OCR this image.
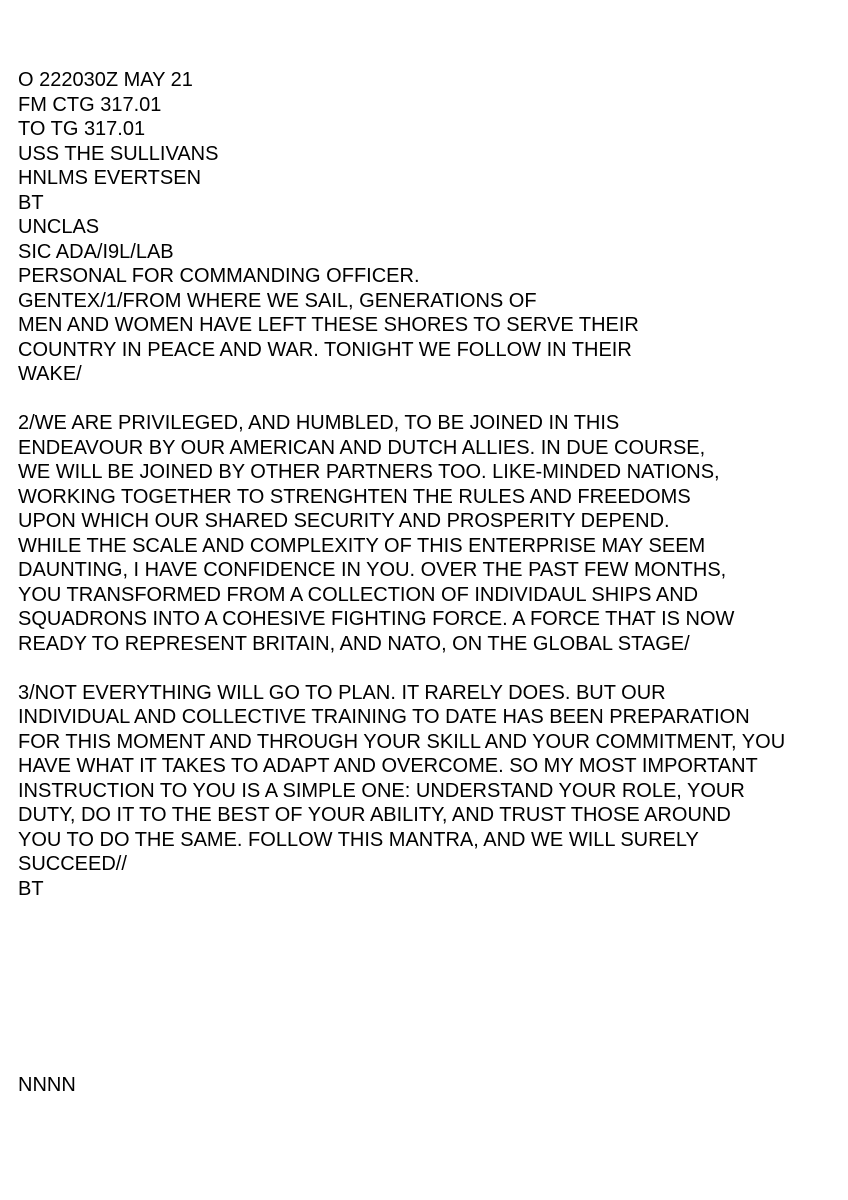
O 222030Z MAY 21
FM CTG 317.01
TO TG 317.01
USS THE SULLIVANS
HNLMS EVERTSEN
BT
UNCLAS
SIC ADA/I9L/LAB
PERSONAL FOR COMMANDING OFFICER.
GENTEX/1/FROM WHERE WE SAIL, GENERATIONS OF
MEN AND WOMEN HAVE LEFT THESE SHORES TO SERVE THEIR
COUNTRY IN PEACE AND WAR. TONIGHT WE FOLLOW IN THEIR
WAKE/
2/WE ARE PRIVILEGED, AND HUMBLED, TO BE JOINED IN THIS
ENDEAVOUR BY OUR AMERICAN AND DUTCH ALLIES. IN DUE COURSE,
WE WILL BE JOINED BY OTHER PARTNERS TOO. LIKE-MINDED NATIONS,
WORKING TOGETHER TO STRENGHTEN THE RULES AND FREEDOMS
UPON WHICH OUR SHARED SECURITY AND PROSPERITY DEPEND.
WHILE THE SCALE AND COMPLEXITY OF THIS ENTERPRISE MAY SEEM
DAUNTING, I HAVE CONFIDENCE IN YOU. OVER THE PAST FEW MONTHS,
YOU TRANSFORMED FROM A COLLECTION OF INDIVIDAUL SHIPS AND
SQUADRONS INTO A COHESIVE FIGHTING FORCE. A FORCE THAT IS NOW
READY TO REPRESENT BRITAIN, AND NATO, ON THE GLOBAL STAGE/
3/NOT EVERYTHING WILL GO TO PLAN. IT RARELY DOES. BUT OUR
INDIVIDUAL AND COLLECTIVE TRAINING TO DATE HAS BEEN PREPARATION
FOR THIS MOMENT AND THROUGH YOUR SKILL AND YOUR COMMITMENT, YOU
HAVE WHAT IT TAKES TO ADAPT AND OVERCOME. SO MY MOST IMPORTANT
INSTRUCTION TO YOU IS A SIMPLE ONE: UNDERSTAND YOUR ROLE, YOUR
DUTY, DO IT TO THE BEST OF YOUR ABILITY, AND TRUST THOSE AROUND
YOU TO DO THE SAME. FOLLOW THIS MANTRA, AND WE WILL SURELY
SUCCEED//
BT
NNNN
